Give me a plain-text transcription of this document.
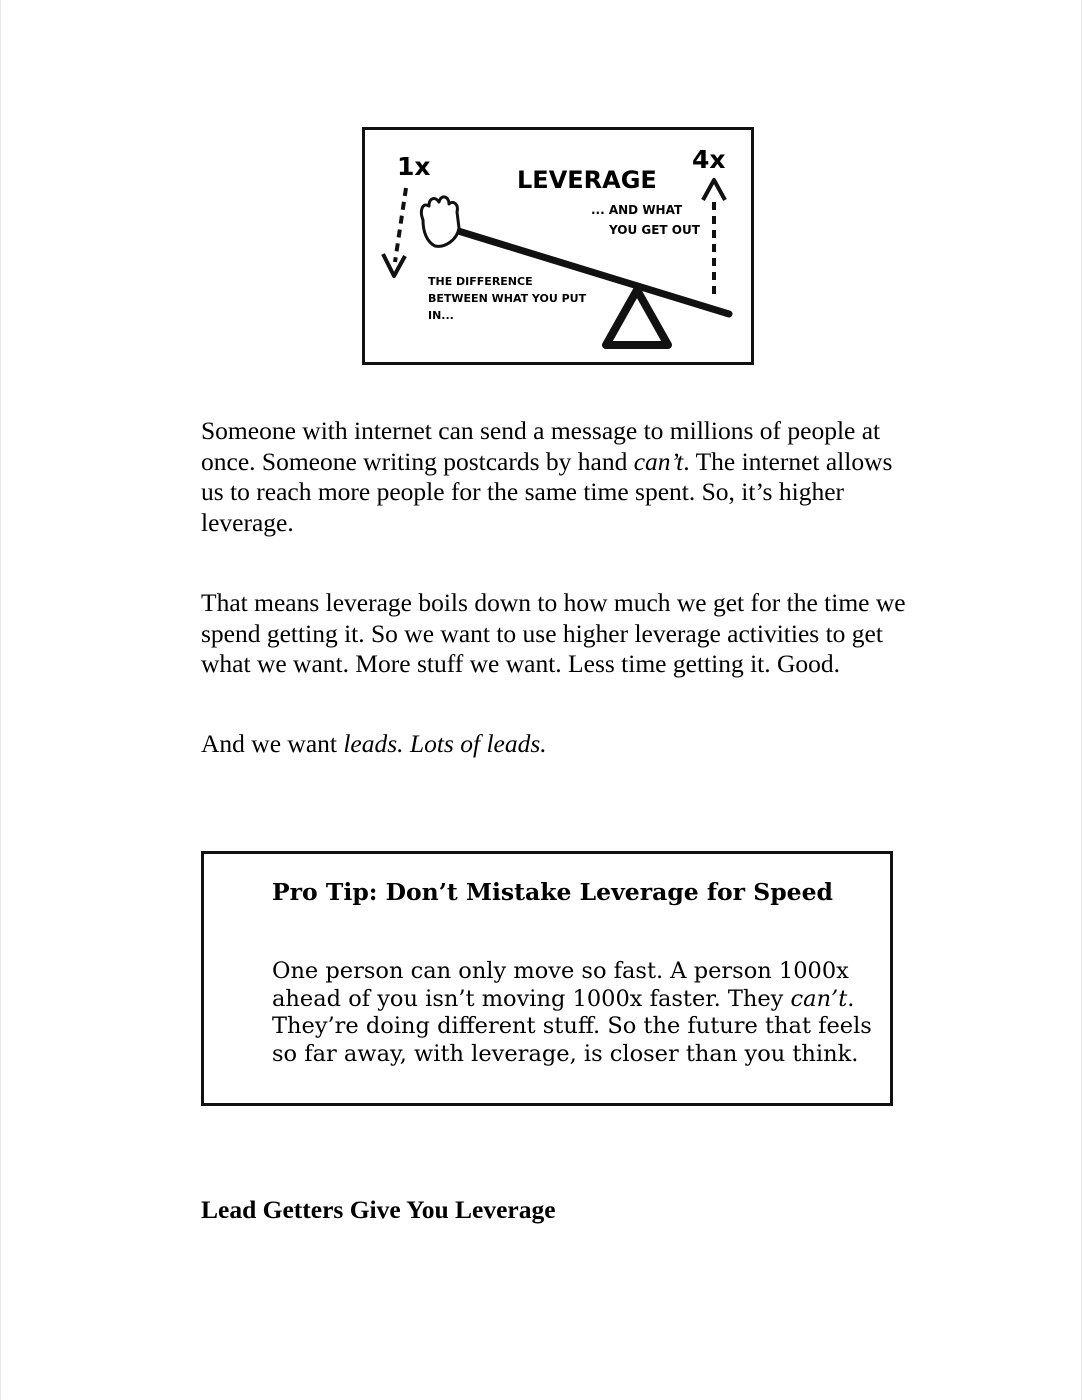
1x	4x
LEVERAGE
... AND WHAT
YOU GET OUT
THE DIFFERENCE
BETWEEN WHAT YOU PUT
IN...

Someone with internet can send a message to millions of people at once. Someone writing postcards by hand can’t. The internet allows us to reach more people for the same time spent. So, it’s higher leverage.

That means leverage boils down to how much we get for the time we spend getting it. So we want to use higher leverage activities to get what we want. More stuff we want. Less time getting it. Good.

And we want leads. Lots of leads.

Pro Tip: Don’t Mistake Leverage for Speed

One person can only move so fast. A person 1000x ahead of you isn’t moving 1000x faster. They can’t. They’re doing different stuff. So the future that feels so far away, with leverage, is closer than you think.

Lead Getters Give You Leverage
